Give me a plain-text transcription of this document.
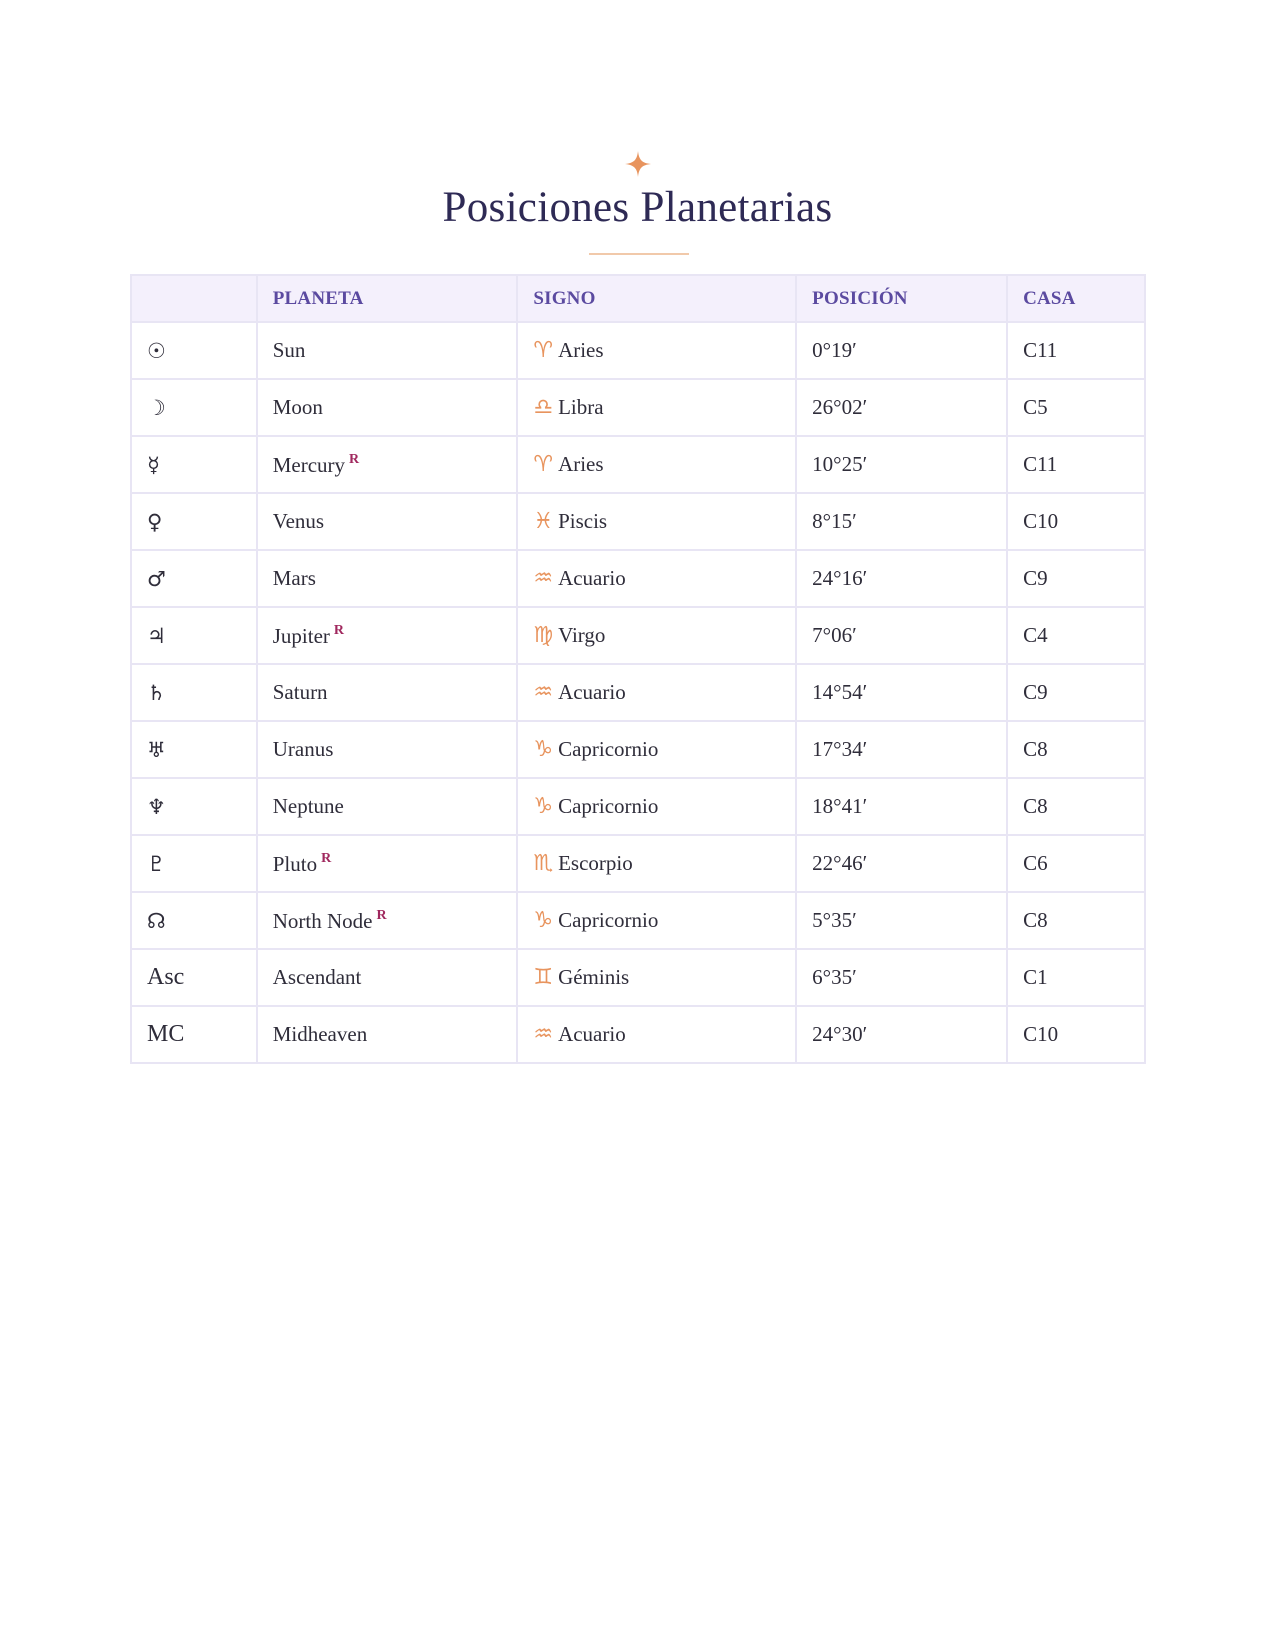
Posiciones Planetarias
	PLANETA	SIGNO	POSICIÓN	CASA
☉	Sun	♈ Aries	0°19′	C11
☽	Moon	♎ Libra	26°02′	C5
☿	Mercury $^R$	♈ Aries	10°25′	C11
♀	Venus	♓ Piscis	8°15′	C10
♂	Mars	♒ Acuario	24°16′	C9
♃	Jupiter $^R$	♍ Virgo	7°06′	C4
♄	Saturn	♒ Acuario	14°54′	C9
♅	Uranus	♑ Capricornio	17°34′	C8
♆	Neptune	♑ Capricornio	18°41′	C8
♇	Pluto $^R$	♏ Escorpio	22°46′	C6
☊	North Node $^R$	♑ Capricornio	5°35′	C8
Asc	Ascendant	♊ Géminis	6°35′	C1
MC	Midheaven	♒ Acuario	24°30′	C10
